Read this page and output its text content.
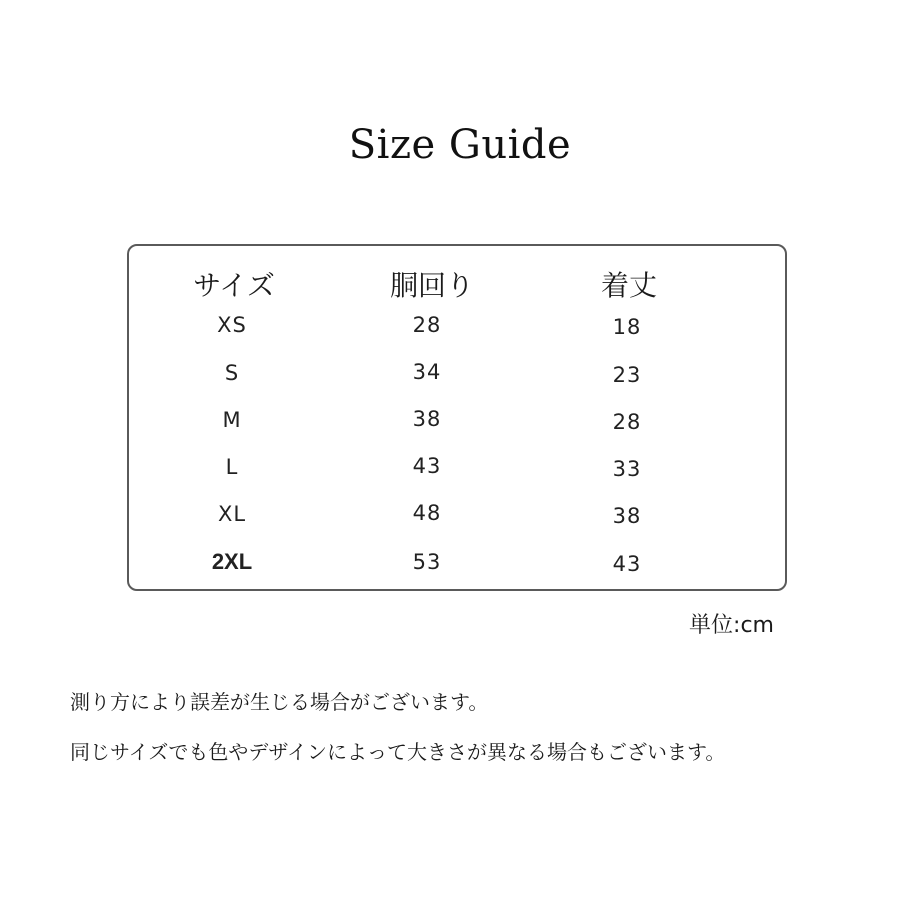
Size Guide
サイズ	胴回り	着丈
XS	28	18
S	34	23
M	38	28
L	43	33
XL	48	38
2XL	53	43
単位:cm
測り方により誤差が生じる場合がございます。
同じサイズでも色やデザインによって大きさが異なる場合もございます。
